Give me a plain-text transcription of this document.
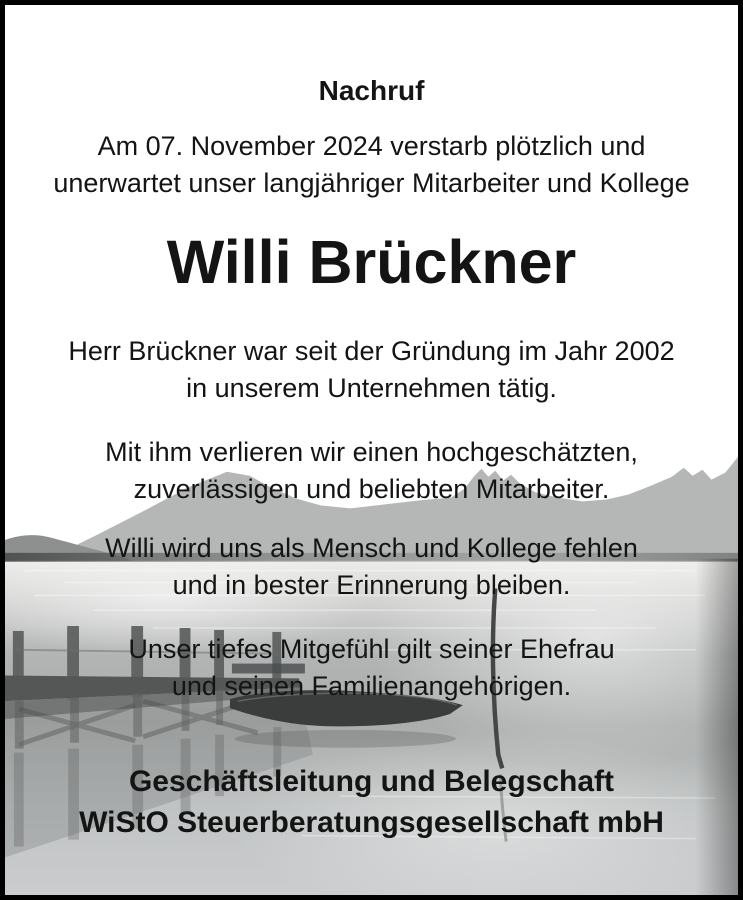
Nachruf
Am 07. November 2024 verstarb plötzlich und
unerwartet unser langjähriger Mitarbeiter und Kollege
Willi Brückner
Herr Brückner war seit der Gründung im Jahr 2002
in unserem Unternehmen tätig.
Mit ihm verlieren wir einen hochgeschätzten,
zuverlässigen und beliebten Mitarbeiter.
Willi wird uns als Mensch und Kollege fehlen
und in bester Erinnerung bleiben.
Unser tiefes Mitgefühl gilt seiner Ehefrau
und seinen Familienangehörigen.
Geschäftsleitung und Belegschaft
WiStO Steuerberatungsgesellschaft mbH
